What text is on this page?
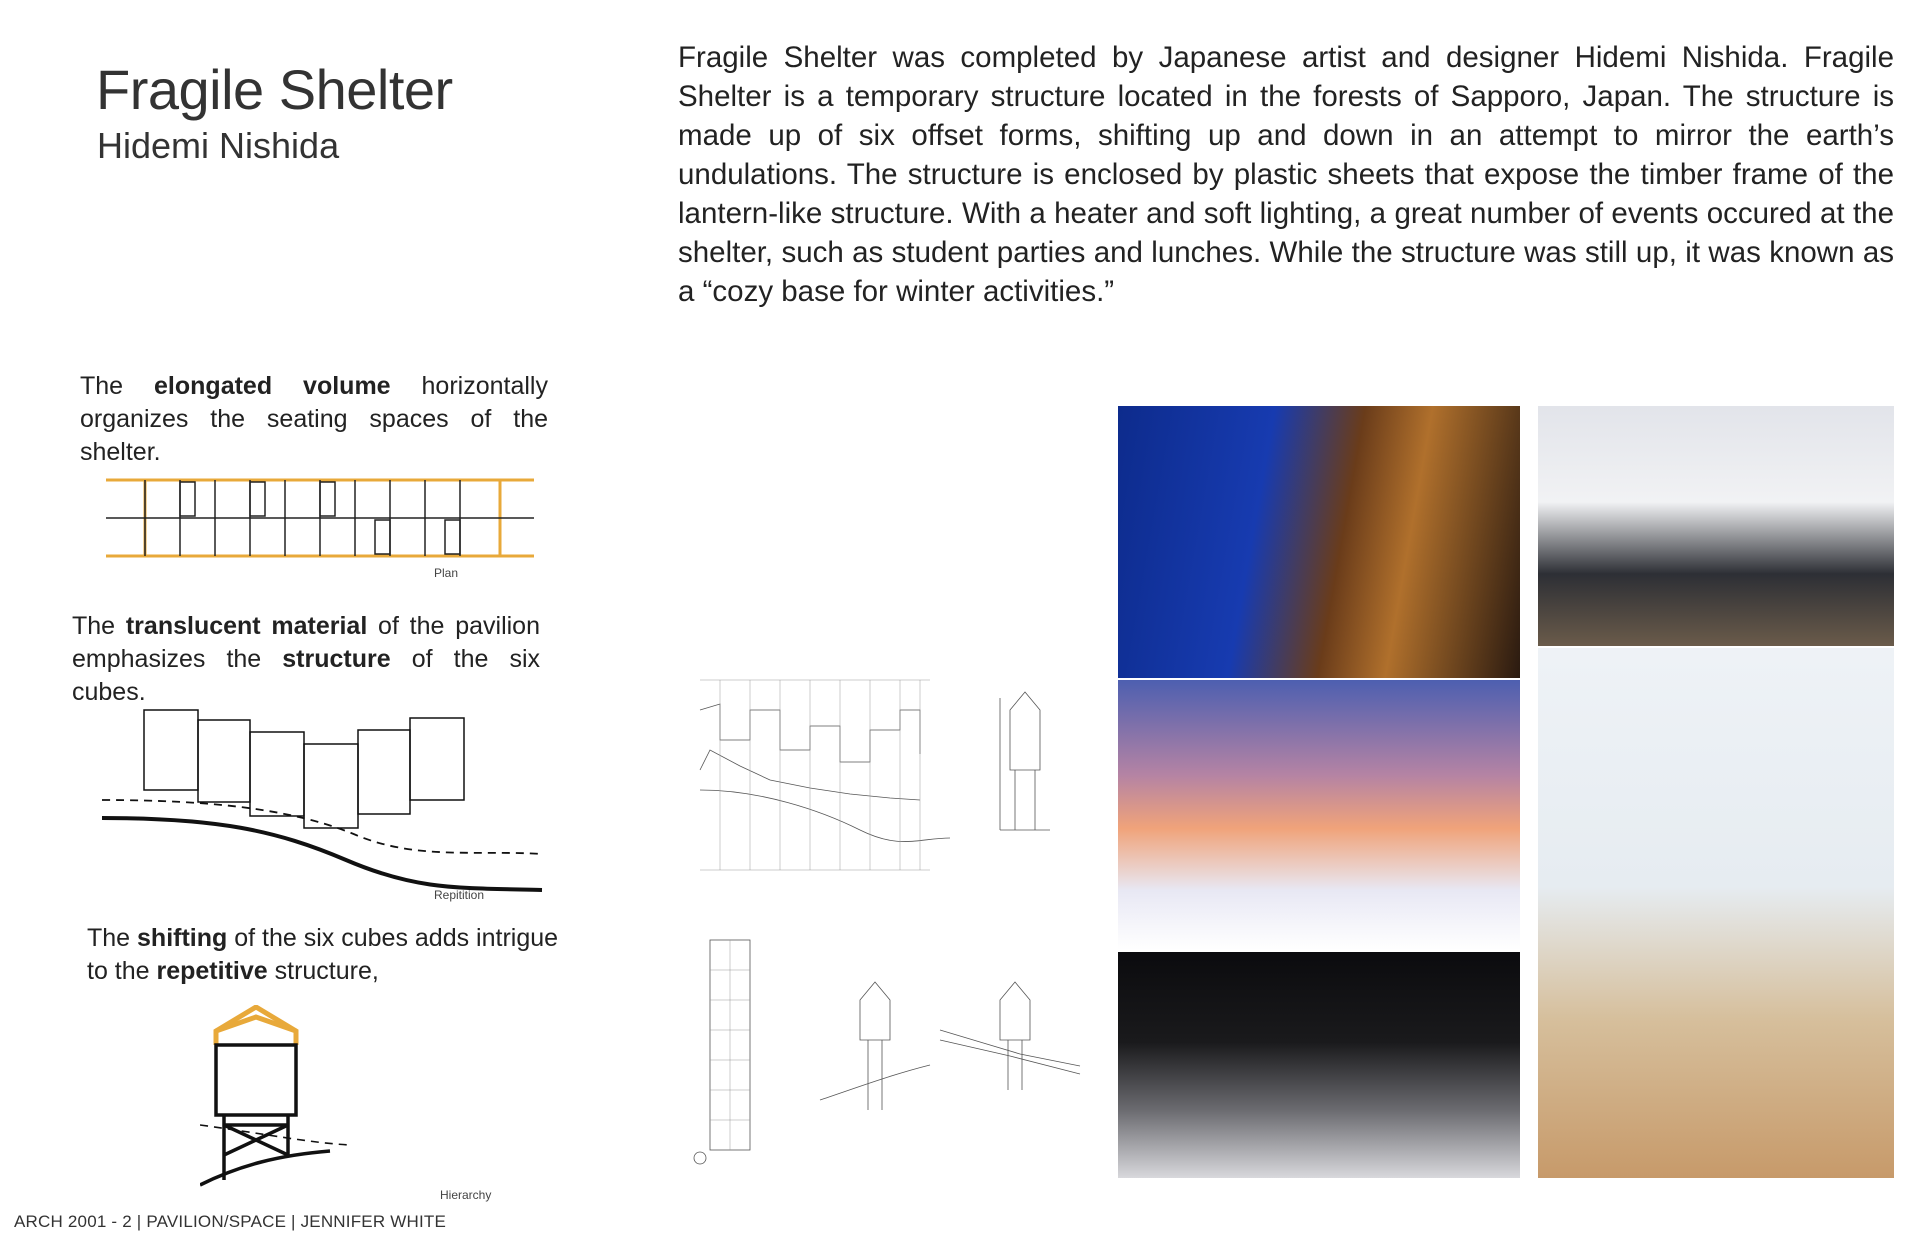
Fragile Shelter
Hidemi Nishida

Fragile Shelter was completed by Japanese artist and designer Hidemi Nishida. Fragile Shelter is a temporary structure located in the forests of Sapporo, Japan. The structure is made up of six offset forms, shifting up and down in an attempt to mirror the earth’s undulations. The structure is enclosed by plastic sheets that expose the timber frame of the lantern-like structure. With a heater and soft lighting, a great number of events occured at the shelter, such as student parties and lunches. While the structure was still up, it was known as a “cozy base for winter activities.”

The elongated volume horizontally organizes the seating spaces of the shelter.

Plan

The translucent material of the pavilion emphasizes the structure of the six cubes.

Repitition

The shifting of the six cubes adds intrigue to the repetitive structure,

Hierarchy
ARCH 2001 - 2 | PAVILION/SPACE | JENNIFER WHITE
